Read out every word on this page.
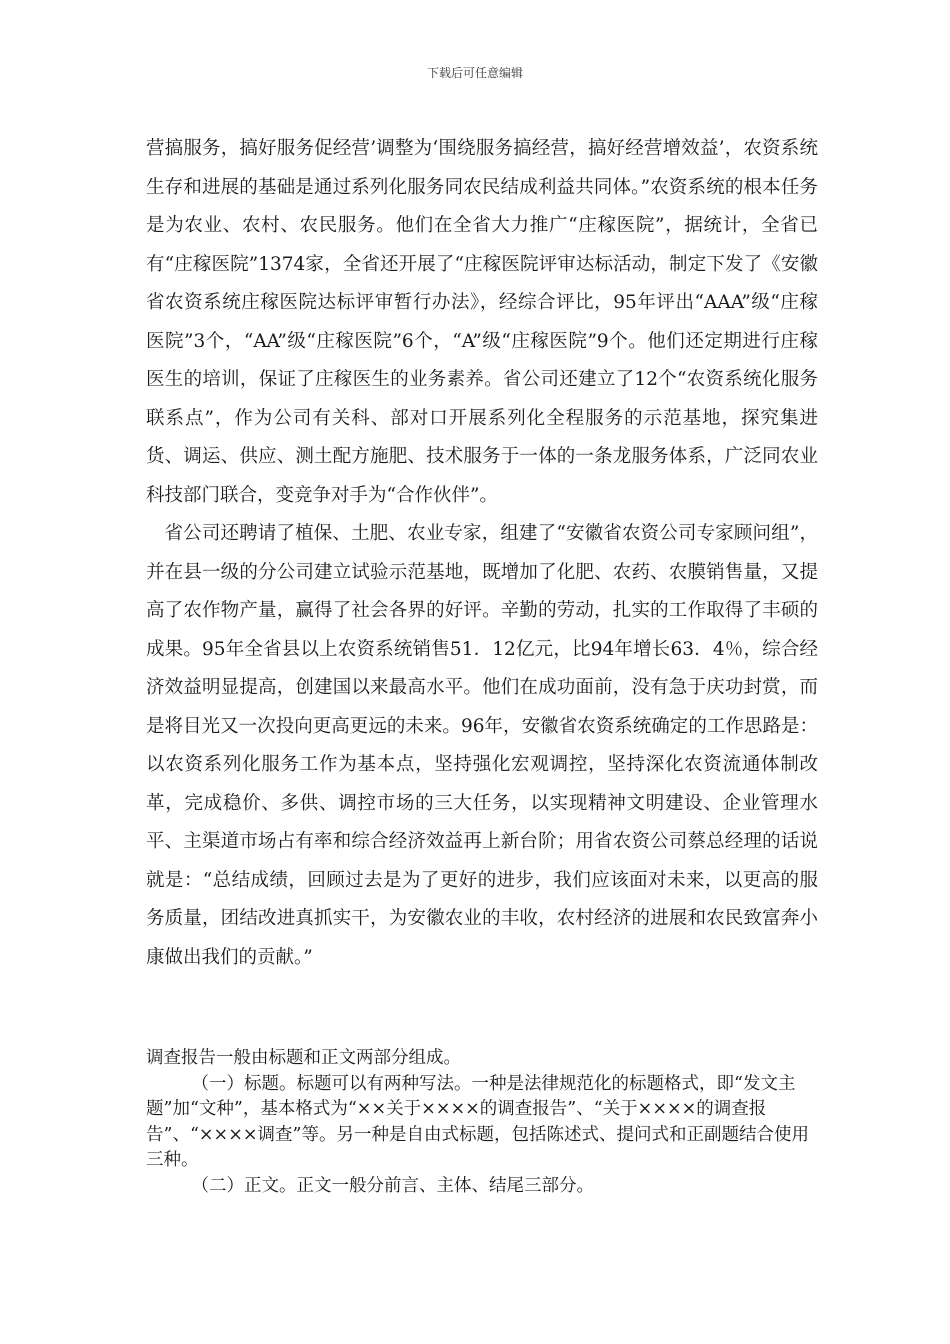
下载后可任意编辑

营搞服务，搞好服务促经营’调整为‘围绕服务搞经营，搞好经营增效益’，农资系统生存和进展的基础是通过系列化服务同农民结成利益共同体。”农资系统的根本任务是为农业、农村、农民服务。他们在全省大力推广“庄稼医院”，据统计，全省已有“庄稼医院”1374家，全省还开展了“庄稼医院评审达标活动，制定下发了《安徽省农资系统庄稼医院达标评审暂行办法》，经综合评比，95年评出“AAA”级“庄稼医院”3个，“AA”级“庄稼医院”6个，“A”级“庄稼医院”9个。他们还定期进行庄稼医生的培训，保证了庄稼医生的业务素养。省公司还建立了12个“农资系统化服务联系点”，作为公司有关科、部对口开展系列化全程服务的示范基地，探究集进货、调运、供应、测土配方施肥、技术服务于一体的一条龙服务体系，广泛同农业科技部门联合，变竞争对手为“合作伙伴”。

省公司还聘请了植保、土肥、农业专家，组建了“安徽省农资公司专家顾问组”，并在县一级的分公司建立试验示范基地，既增加了化肥、农药、农膜销售量，又提高了农作物产量，赢得了社会各界的好评。辛勤的劳动，扎实的工作取得了丰硕的成果。95年全省县以上农资系统销售51．12亿元，比94年增长63．4％，综合经济效益明显提高，创建国以来最高水平。他们在成功面前，没有急于庆功封赏，而是将目光又一次投向更高更远的未来。96年，安徽省农资系统确定的工作思路是：以农资系列化服务工作为基本点，坚持强化宏观调控，坚持深化农资流通体制改革，完成稳价、多供、调控市场的三大任务，以实现精神文明建设、企业管理水平、主渠道市场占有率和综合经济效益再上新台阶；用省农资公司蔡总经理的话说就是：“总结成绩，回顾过去是为了更好的进步，我们应该面对未来，以更高的服务质量，团结改进真抓实干，为安徽农业的丰收，农村经济的进展和农民致富奔小康做出我们的贡献。”

调查报告一般由标题和正文两部分组成。

（一）标题。标题可以有两种写法。一种是法律规范化的标题格式，即“发文主题”加“文种”，基本格式为“××关于××××的调查报告”、“关于××××的调查报告”、“××××调查”等。另一种是自由式标题，包括陈述式、提问式和正副题结合使用三种。

（二）正文。正文一般分前言、主体、结尾三部分。
